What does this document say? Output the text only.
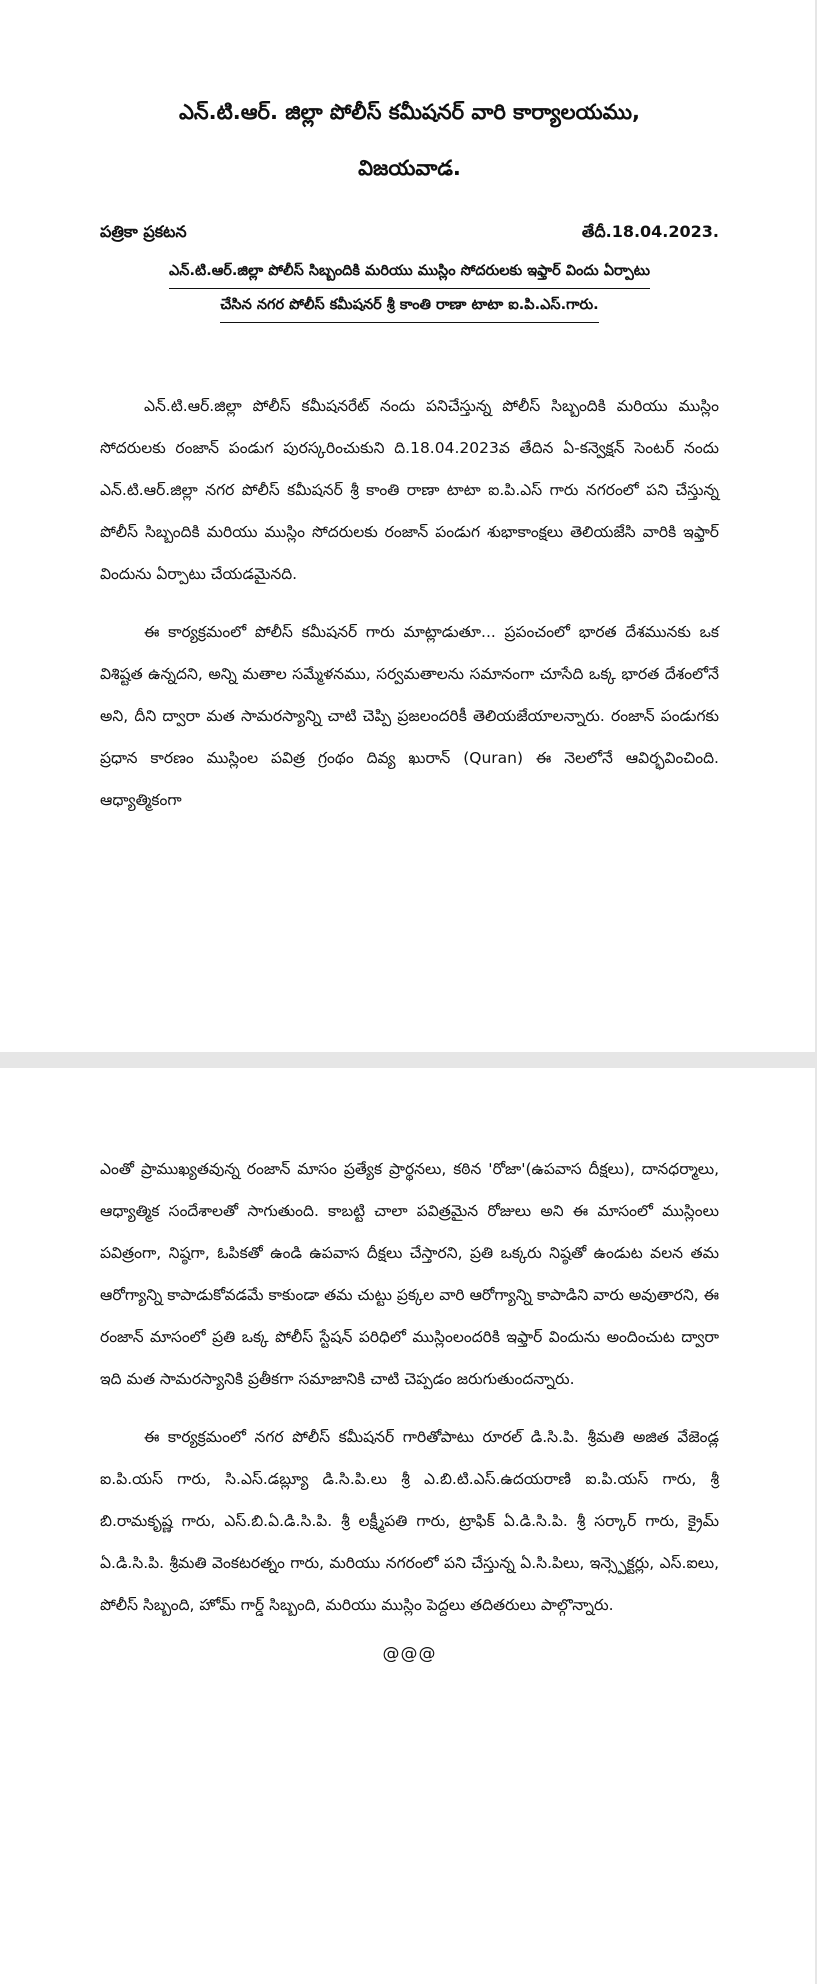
ఎన్.టి.ఆర్. జిల్లా పోలీస్ కమీషనర్ వారి కార్యాలయము,
విజయవాడ.
పత్రికా ప్రకటన	తేదీ.18.04.2023.
ఎన్.టి.ఆర్.జిల్లా పోలీస్ సిబ్బందికి మరియు ముస్లిం సోదరులకు ఇఫ్తార్ విందు ఏర్పాటు
చేసిన నగర పోలీస్ కమీషనర్ శ్రీ కాంతి రాణా టాటా ఐ.పి.ఎస్.గారు.

ఎన్.టి.ఆర్.జిల్లా పోలీస్ కమీషనరేట్ నందు పనిచేస్తున్న పోలీస్ సిబ్బందికి మరియు ముస్లిం సోదరులకు రంజాన్ పండుగ పురస్కరించుకుని ది.18.04.2023వ తేదిన ఏ-కన్వెక్షన్ సెంటర్ నందు ఎన్.టి.ఆర్.జిల్లా నగర పోలీస్ కమీషనర్ శ్రీ కాంతి రాణా టాటా ఐ.పి.ఎస్ గారు నగరంలో పని చేస్తున్న పోలీస్ సిబ్బందికి మరియు ముస్లిం సోదరులకు రంజాన్ పండుగ శుభాకాంక్షలు తెలియజేసి వారికి ఇఫ్తార్ విందును ఏర్పాటు చేయడమైనది.

ఈ కార్యక్రమంలో పోలీస్ కమీషనర్ గారు మాట్లాడుతూ... ప్రపంచంలో భారత దేశమునకు ఒక విశిష్టత ఉన్నదని, అన్ని మతాల సమ్మేళనము, సర్వమతాలను సమానంగా చూసేది ఒక్క భారత దేశంలోనే అని, దీని ద్వారా మత సామరస్యాన్ని చాటి చెప్పి ప్రజలందరికీ తెలియజేయాలన్నారు. రంజాన్ పండుగకు ప్రధాన కారణం ముస్లింల పవిత్ర గ్రంథం దివ్య ఖురాన్ (Quran) ఈ నెలలోనే ఆవిర్భవించింది. ఆధ్యాత్మికంగా

ఎంతో ప్రాముఖ్యతవున్న రంజాన్ మాసం ప్రత్యేక ప్రార్థనలు, కఠిన 'రోజా'(ఉపవాస దీక్షలు), దానధర్మాలు, ఆధ్యాత్మిక సందేశాలతో సాగుతుంది. కాబట్టి చాలా పవిత్రమైన రోజులు అని ఈ మాసంలో ముస్లింలు పవిత్రంగా, నిష్ఠగా, ఓపికతో ఉండి ఉపవాస దీక్షలు చేస్తారని, ప్రతి ఒక్కరు నిష్ఠతో ఉండుట వలన తమ ఆరోగ్యాన్ని కాపాడుకోవడమే కాకుండా తమ చుట్టు ప్రక్కల వారి ఆరోగ్యాన్ని కాపాడిని వారు అవుతారని, ఈ రంజాన్ మాసంలో ప్రతి ఒక్క పోలీస్ స్టేషన్ పరిధిలో ముస్లింలందరికి ఇఫ్తార్ విందును అందించుట ద్వారా ఇది మత సామరస్యానికి ప్రతీకగా సమాజానికి చాటి చెప్పడం జరుగుతుందన్నారు.

ఈ కార్యక్రమంలో నగర పోలీస్ కమీషనర్ గారితోపాటు రూరల్ డి.సి.పి. శ్రీమతి అజిత వేజెండ్ల ఐ.పి.యస్ గారు, సి.ఎస్.డబ్ల్యూ డి.సి.పి.లు శ్రీ ఎ.బి.టి.ఎస్.ఉదయరాణి ఐ.పి.యస్ గారు, శ్రీ బి.రామకృష్ణ గారు, ఎస్.బి.ఏ.డి.సి.పి. శ్రీ లక్ష్మీపతి గారు, ట్రాఫిక్ ఏ.డి.సి.పి. శ్రీ సర్కార్ గారు, క్రైమ్ ఏ.డి.సి.పి. శ్రీమతి వెంకటరత్నం గారు, మరియు నగరంలో పని చేస్తున్న ఏ.సి.పిలు, ఇన్స్పెక్టర్లు, ఎస్.ఐలు, పోలీస్ సిబ్బంది, హోమ్ గార్డ్ సిబ్బంది, మరియు ముస్లిం పెద్దలు తదితరులు పాల్గొన్నారు.

@@@
